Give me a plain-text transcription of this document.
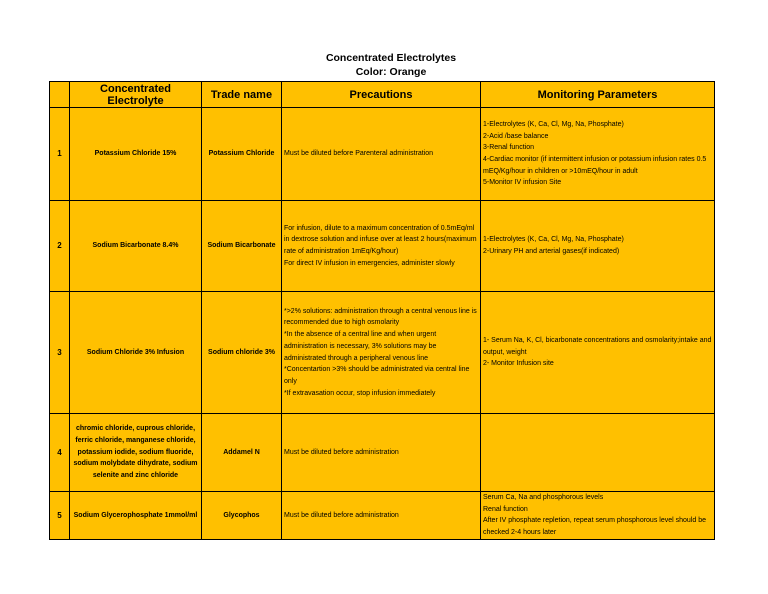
Concentrated Electrolytes
Color: Orange
	Concentrated Electrolyte	Trade name	Precautions	Monitoring Parameters
1	Potassium Chloride 15%	Potassium Chloride	Must be diluted before Parenteral administration	1-Electrolytes (K, Ca, Cl, Mg, Na, Phosphate)
2-Acid /base balance
3-Renal function
4-Cardiac monitor (if intermittent infusion or potassium infusion rates 0.5 mEQ/Kg/hour in children or >10mEQ/hour in adult
5-Monitor IV infusion Site

2	Sodium Bicarbonate 8.4%	Sodium Bicarbonate	For infusion, dilute to a maximum concentration of 0.5mEq/ml in dextrose solution and infuse over at least 2 hours(maximum rate of administration 1mEq/Kg/hour)
For direct IV infusion in emergencies, administer slowly	1-Electrolytes (K, Ca, Cl, Mg, Na, Phosphate)
2-Urinary PH and arterial gases(if indicated)

3	Sodium Chloride 3% Infusion	Sodium chloride 3%	*>2% solutions: administration through a central venous line is recommended due to high osmolarity
*In the absence of a central line and when urgent administration is necessary, 3% solutions may be administrated through a peripheral venous line
*Concentartion >3% should be administrated via central line only
*If extravasation occur, stop infusion immediately	1- Serum Na, K, Cl, bicarbonate concentrations and osmolarity;intake and output, weight
2- Monitor Infusion site

4	chromic chloride, cuprous chloride, ferric chloride, manganese chloride, potassium iodide, sodium fluoride, sodium molybdate dihydrate, sodium selenite and zinc chloride	Addamel N	Must be diluted before administration	

5	Sodium Glycerophosphate 1mmol/ml	Glycophos	Must be diluted before administration	Serum Ca, Na and phosphorous levels
Renal function
After IV phosphate repletion, repeat serum phosphorous level should be checked 2-4 hours later
